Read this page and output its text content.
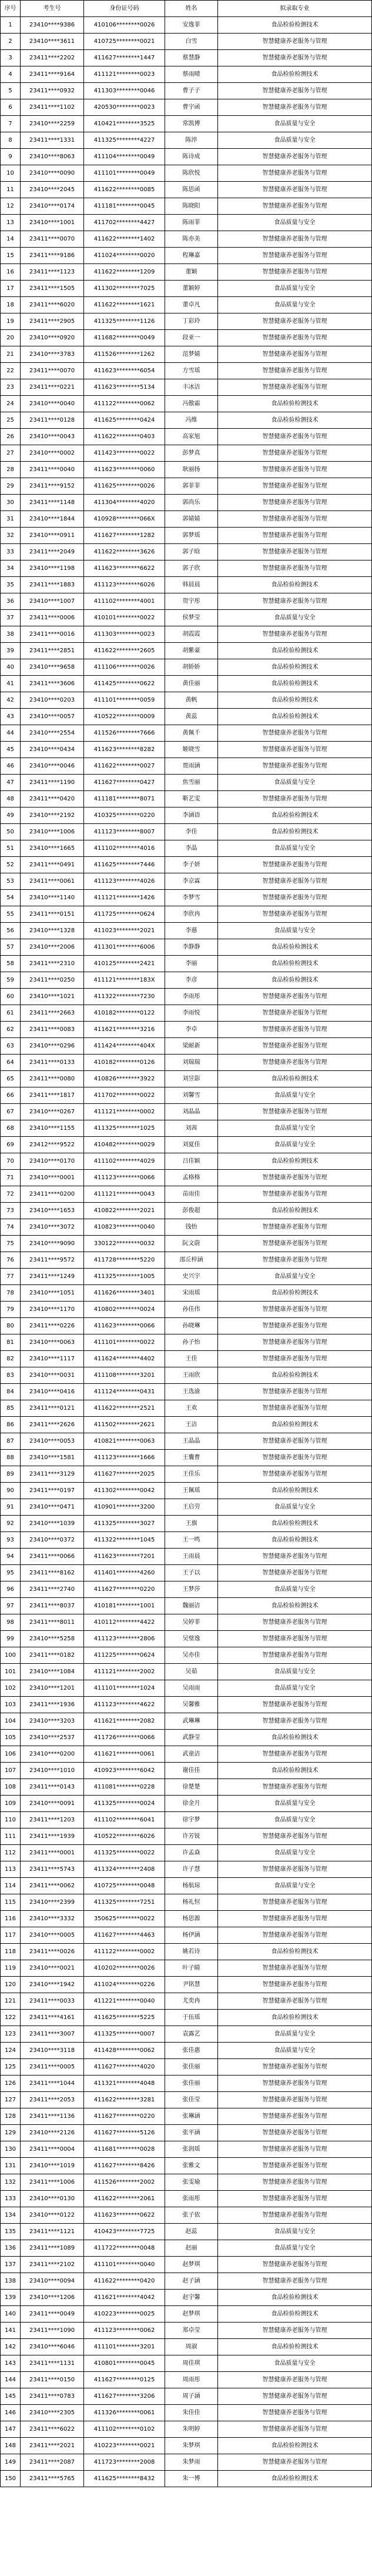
序号	考生号	身份证号码	姓名	拟录取专业
1	23410****9386	410106********0026	安逸菲	食品检验检测技术
2	23410****3611	410725********0021	白雪	智慧健康养老服务与管理
3	23411****2202	411627********1447	蔡慧静	智慧健康养老服务与管理
4	23411****9164	411121********0023	蔡雨晴	食品检验检测技术
5	23411****0932	411303********0046	曹子子	智慧健康养老服务与管理
6	23411****1102	420530********0023	曹宇函	智慧健康养老服务与管理
7	23410****2259	410421********3525	常凯博	食品质量与安全
8	23411****1331	411325********4227	陈淬	食品质量与安全
9	23410****8063	411104********0049	陈诗成	智慧健康养老服务与管理
10	23410****0090	411101********0049	陈欣悦	智慧健康养老服务与管理
11	23410****2045	411622********0085	陈思函	智慧健康养老服务与管理
12	23410****0174	411181********0045	陈晓阳	智慧健康养老服务与管理
13	23410****1001	411702********4427	陈雨菲	食品质量与安全
14	23411****0070	411622********1402	陈亦美	智慧健康养老服务与管理
15	23411****9186	411024********0020	程琳嘉	智慧健康养老服务与管理
16	23411****1123	411622********1209	董颖	智慧健康养老服务与管理
17	23411****1505	411302********7025	董颖婷	食品质量与安全
18	23411****6020	411622********1621	董卓凡	食品质量与安全
19	23411****2905	411325********1126	丁彩玲	智慧健康养老服务与管理
20	23410****0920	411682********0049	段亚一	智慧健康养老服务与管理
21	23410****3783	411526********1262	范梦婧	智慧健康养老服务与管理
22	23411****0070	411623********6054	方雪瑶	智慧健康养老服务与管理
23	23411****0221	411623********5134	丰冰洁	智慧健康养老服务与管理
24	23410****0040	411122********0062	冯傲霜	食品检验检测技术
25	23411****0128	411625********0424	冯维	食品检验检测技术
26	23410****0043	411622********0403	高家旭	智慧健康养老服务与管理
27	23410****0002	411423********0022	彭梦真	智慧健康养老服务与管理
28	23411****0040	411623********0060	耿丽扬	智慧健康养老服务与管理
29	23411****9152	411625********0026	郭菲菲	智慧健康养老服务与管理
30	23411****1148	411304********4020	郭尚乐	智慧健康养老服务与管理
31	23410****1844	410928********066X	郭婧婧	智慧健康养老服务与管理
32	23410****0911	411627********1282	郭梦瑶	智慧健康养老服务与管理
33	23411****2049	411622********3626	郭子晗	智慧健康养老服务与管理
34	23410****1198	411623********6622	郭子欣	智慧健康养老服务与管理
35	23411****1883	411123********6026	韩晨晨	食品检验检测技术
36	23410****1007	411102********4001	贺宇彤	智慧健康养老服务与管理
37	23411****0006	410101********0022	侯梦莹	食品质量与安全
38	23411****0016	411303********0023	胡霞霞	智慧健康养老服务与管理
39	23411****2851	411622********2605	胡紫豪	食品检验检测技术
40	23410****9658	411106********0026	胡娇娇	食品检验检测技术
41	23411****3606	411425********0622	黄佳丽	食品检验检测技术
42	23410****0203	411101********0059	黄帆	食品检验检测技术
43	23410****0057	410522********0009	黄蕊	食品检验检测技术
44	23410****2554	411526********7666	黄佩千	智慧健康养老服务与管理
45	23410****0434	411623********8282	姬晓雪	智慧健康养老服务与管理
46	23410****0046	411622********0027	贾雨涵	智慧健康养老服务与管理
47	23411****1190	411627********0427	焦雪丽	食品质量与安全
48	23411****0420	411181********8071	靳艺雯	智慧健康养老服务与管理
49	23410****2192	410325********0220	李涵语	食品检验检测技术
50	23410****1006	411123********8007	李佳	食品检验检测技术
51	23410****1665	411102********4016	李晶	食品质量与安全
52	23411****0491	411625********7446	李子妍	智慧健康养老服务与管理
53	23411****0061	411123********4026	李京霖	智慧健康养老服务与管理
54	23410****1140	411121********1426	李梦雪	智慧健康养老服务与管理
55	23411****0151	411725********0624	李欣冉	智慧健康养老服务与管理
56	23410****1328	411023********2021	李慈	食品质量与安全
57	23410****2006	411301********6006	李静静	食品检验检测技术
58	23411****2310	410125********2421	李丽	食品检验检测技术
59	23411****0250	411121********183X	李彦	食品检验检测技术
60	23410****1021	411322********7230	李雨彤	智慧健康养老服务与管理
61	23411****2663	410182********0122	李雨悦	智慧健康养老服务与管理
62	23411****0083	411621********3216	李卓	智慧健康养老服务与管理
63	23410****0296	411424********404X	梁耐新	智慧健康养老服务与管理
64	23411****0133	410182********0126	刘瑞瑞	智慧健康养老服务与管理
65	23411****0080	410826********3922	刘昱影	食品检验检测技术
66	23411****1817	411702********0022	刘馨雪	食品质量与安全
67	23410****0267	411121********0002	刘晶晶	智慧健康养老服务与管理
68	23410****1155	411325********1025	刘茜	食品质量与安全
69	23412****9522	410482********0029	刘夏佳	食品质量与安全
70	23410****0170	411102********4029	吕佳颖	食品检验检测技术
71	23410****0001	411123********0066	孟格格	智慧健康养老服务与管理
72	23411****0200	411121********0043	苗雨佳	智慧健康养老服务与管理
73	23410****1653	410822********2021	彭俊超	食品检验检测技术
74	23410****3072	410823********0040	钱怡	智慧健康养老服务与管理
75	23410****9090	330122********0032	阮文蔚	智慧健康养老服务与管理
76	23411****9572	411728********5220	邵丘梓涵	智慧健康养老服务与管理
77	23411****1249	411325********1005	史兴宇	食品质量与安全
78	23410****1051	411626********3401	宋雨瑶	食品检验检测技术
79	23410****1170	410802********0024	孙佳伟	智慧健康养老服务与管理
80	23411****0226	411623********0066	孙晓琳	智慧健康养老服务与管理
81	23410****0063	411101********0022	孙子怡	智慧健康养老服务与管理
82	23410****1117	411624********4402	王佳	智慧健康养老服务与管理
83	23410****0031	411108********3201	王雨欣	食品检验检测技术
84	23410****0416	411124********0431	王选渝	智慧健康养老服务与管理
85	23411****0121	411622********2521	王欢	智慧健康养老服务与管理
86	23411****2626	411502********2621	王洁	食品检验检测技术
87	23410****0053	410821********0063	王晶晶	智慧健康养老服务与管理
88	23410****1581	411123********1666	王囊曹	智慧健康养老服务与管理
89	23411****3129	411627********2025	王佳乐	智慧健康养老服务与管理
90	23411****0197	411302********0042	王佩瑶	食品检验检测技术
91	23410****0471	410901********3200	王启劳	食品质量与安全
92	23410****1039	411325********3027	王旗	食品检验检测技术
93	23410****0372	411322********1045	王一鸣	食品检验检测技术
94	23411****0066	411623********7201	王雨晨	智慧健康养老服务与管理
95	23411****8162	411401********4260	王子以	智慧健康养老服务与管理
96	23411****2740	411627********0220	王梦莎	食品质量与安全
97	23411****8037	410181********1001	魏丽洁	食品检验检测技术
98	23411****8011	410112********4422	吴婷菲	智慧健康养老服务与管理
99	23410****5258	411123********2806	吴璧逸	智慧健康养老服务与管理
100	23411****0182	411225********0624	吴亦佳	智慧健康养老服务与管理
101	23410****1084	411121********2002	吴茹	食品质量与安全
102	23410****1201	411101********1024	吴雨雨	食品质量与安全
103	23411****1936	411123********4622	吴馨雅	智慧健康养老服务与管理
104	23410****3203	411621********2082	武琳琳	智慧健康养老服务与管理
105	23410****2537	411726********0066	武静莹	食品检验检测技术
106	23410****0200	411621********0061	武童洁	智慧健康养老服务与管理
107	23410****1010	410923********6042	谢佳佳	食品检验检测技术
108	23411****0143	411081********0228	徐楚楚	智慧健康养老服务与管理
109	23410****0091	411325********0024	徐金月	食品质量与安全
110	23411****1203	411102********6041	徐宇梦	食品质量与安全
111	23411****1939	410522********6026	许芳锐	智慧健康养老服务与管理
112	23411****0001	411325********0022	许孟焱	食品质量与安全
113	23411****5743	411324********2408	许子慧	智慧健康养老服务与管理
114	23411****0062	410725********0048	杨航琼	食品质量与安全
115	23410****2399	411325********7251	杨礼恒	智慧健康养老服务与管理
116	23410****3332	350625********0022	杨思源	智慧健康养老服务与管理
117	23410****0005	411627********4463	杨伊涵	智慧健康养老服务与管理
118	23411****0026	411122********0002	姚若诗	食品检验检测技术
119	23410****0021	410202********0026	叶子睛	智慧健康养老服务与管理
120	23410****1942	411024********0226	尹铭慧	智慧健康养老服务与管理
121	23411****0033	411221********0040	尤奕冉	智慧健康养老服务与管理
122	23411****4161	411625********5225	于伍瑶	食品检验检测技术
123	23411****3007	411325********0007	袁露艺	食品质量与安全
124	23410****3118	411428********0062	张佳惠	食品质量与安全
125	23411****0005	411627********4020	张佳丽	智慧健康养老服务与管理
126	23411****1044	411321********4048	张佳丽	智慧健康养老服务与管理
127	23411****2053	411622********3281	张佳莹	智慧健康养老服务与管理
128	23411****1136	411627********0220	张琳涵	智慧健康养老服务与管理
129	23410****2126	411627********5126	张平涵	智慧健康养老服务与管理
130	23411****0004	411681********0028	张润瑶	智慧健康养老服务与管理
131	23410****1019	411627********8426	张雅文	智慧健康养老服务与管理
132	23411****1006	411526********2002	张雯瑜	智慧健康养老服务与管理
133	23410****0130	411622********2061	张雨彤	智慧健康养老服务与管理
134	23410****0122	411623********0622	张子依	智慧健康养老服务与管理
135	23411****1121	410423********7725	赵蕊	食品质量与安全
136	23411****1089	411722********0048	赵丽	食品质量与安全
137	23411****2102	411101********0040	赵梦琪	智慧健康养老服务与管理
138	23410****0094	411622********0420	赵子涵	智慧健康养老服务与管理
139	23410****1206	411621********4042	赵宇馨	食品检验检测技术
140	23411****0049	410223********0025	赵梦琪	食品检验检测技术
141	23411****1090	411123********0062	郑卓莹	智慧健康养老服务与管理
142	23410****6046	411101********3201	周淑	食品检验检测技术
143	23411****1131	410801********0045	周佳琪	食品质量与安全
144	23411****0150	411627********0125	周雨彤	智慧健康养老服务与管理
145	23411****0783	411627********3206	周子涵	智慧健康养老服务与管理
146	23410****2305	411326********0061	朱佳佳	智慧健康养老服务与管理
147	23411****6022	411102********0102	朱明婷	智慧健康养老服务与管理
148	23411****2021	410223********0021	朱梦琪	食品检验检测技术
149	23411****2087	411723********2008	朱梦雨	智慧健康养老服务与管理
150	23411****5765	411625********8432	朱一博	食品检验检测技术
